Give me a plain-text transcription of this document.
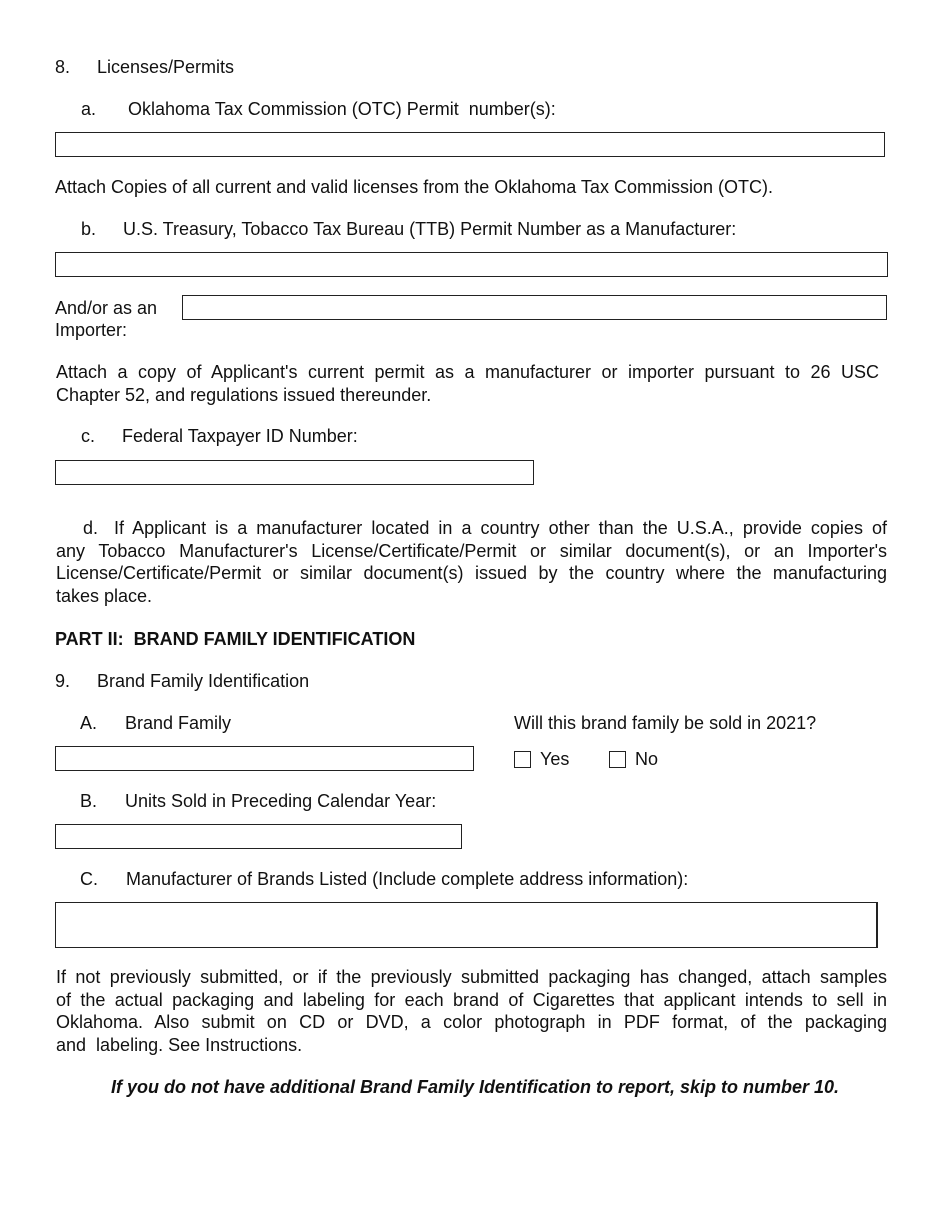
8. Licenses/Permits
a. Oklahoma Tax Commission (OTC) Permit  number(s):
Attach Copies of all current and valid licenses from the Oklahoma Tax Commission (OTC).
b. U.S. Treasury, Tobacco Tax Bureau (TTB) Permit Number as a Manufacturer:
And/or as an
Importer:
Attach a copy of Applicant's current permit as a manufacturer or importer pursuant to 26 USC
Chapter 52, and regulations issued thereunder.
c. Federal Taxpayer ID Number:
d. If Applicant is a manufacturer located in a country other than the U.S.A., provide copies of
any Tobacco Manufacturer's License/Certificate/Permit or similar document(s), or an Importer's
License/Certificate/Permit or similar document(s) issued by the country where the manufacturing
takes place.
PART II:  BRAND FAMILY IDENTIFICATION
9. Brand Family Identification
A. Brand Family	Will this brand family be sold in 2021?
Yes	No
B. Units Sold in Preceding Calendar Year:
C. Manufacturer of Brands Listed (Include complete address information):
If not previously submitted, or if the previously submitted packaging has changed, attach samples
of the actual packaging and labeling for each brand of Cigarettes that applicant intends to sell in
Oklahoma. Also submit on CD or DVD, a color photograph in PDF format, of the packaging
and  labeling. See Instructions.
If you do not have additional Brand Family Identification to report, skip to number 10.
